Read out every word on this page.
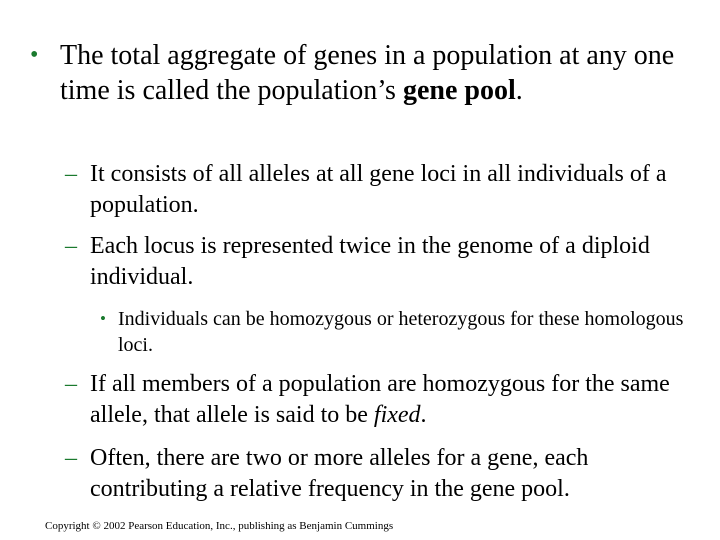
• The total aggregate of genes in a population at any one time is called the population’s gene pool.
– It consists of all alleles at all gene loci in all individuals of a population.
– Each locus is represented twice in the genome of a diploid individual.
• Individuals can be homozygous or heterozygous for these homologous loci.
– If all members of a population are homozygous for the same allele, that allele is said to be fixed.
– Often, there are two or more alleles for a gene, each contributing a relative frequency in the gene pool.
Copyright © 2002 Pearson Education, Inc., publishing as Benjamin Cummings
